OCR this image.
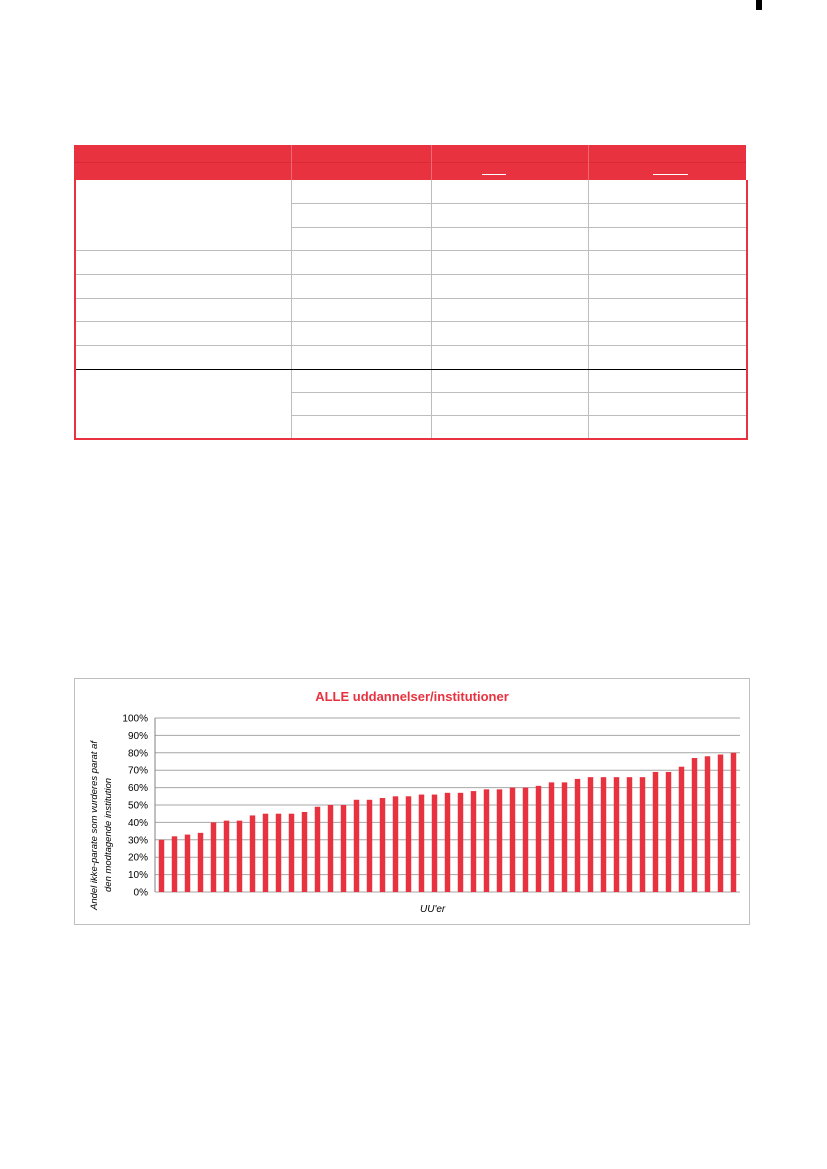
ALLE uddannelser/institutioner
Andel ikke-parate som vurderes parat af den modtagende institution
UU'er
0%
10%
20%
30%
40%
50%
60%
70%
80%
90%
100%
